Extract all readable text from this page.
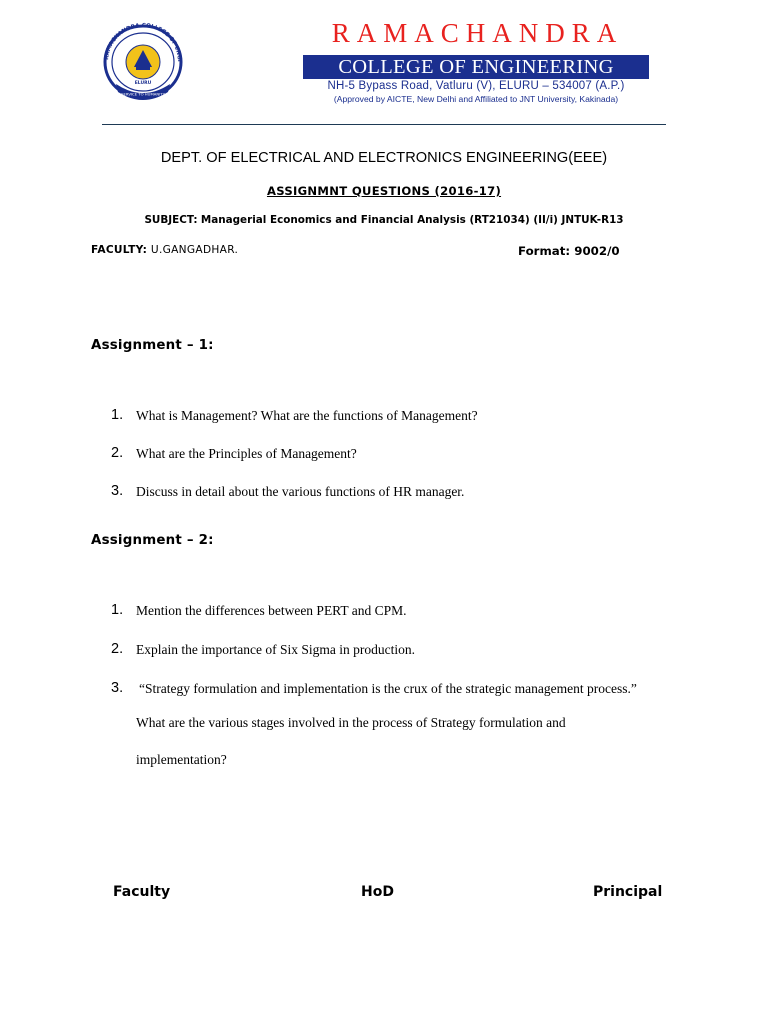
RAMACHANDRA COLLEGE OF ENGI
ELURU
SERVICE TO HUMANITY
RAMACHANDRA
COLLEGE OF ENGINEERING
NH-5 Bypass Road, Vatluru (V), ELURU – 534007 (A.P.)
(Approved by AICTE, New Delhi and Affiliated to JNT University, Kakinada)
DEPT. OF ELECTRICAL AND ELECTRONICS ENGINEERING(EEE)
ASSIGNMNT QUESTIONS (2016-17)
SUBJECT: Managerial Economics and Financial Analysis (RT21034) (II/i) JNTUK-R13
FACULTY: U.GANGADHAR.	Format: 9002/0
Assignment – 1:
1. What is Management? What are the functions of Management?
2. What are the Principles of Management?
3. Discuss in detail about the various functions of HR manager.
Assignment – 2:
1. Mention the differences between PERT and CPM.
2. Explain the importance of Six Sigma in production.
3.	“Strategy formulation and implementation is the crux of the strategic management process.”
What are the various stages involved in the process of Strategy formulation and
implementation?
Faculty	HoD	Principal
